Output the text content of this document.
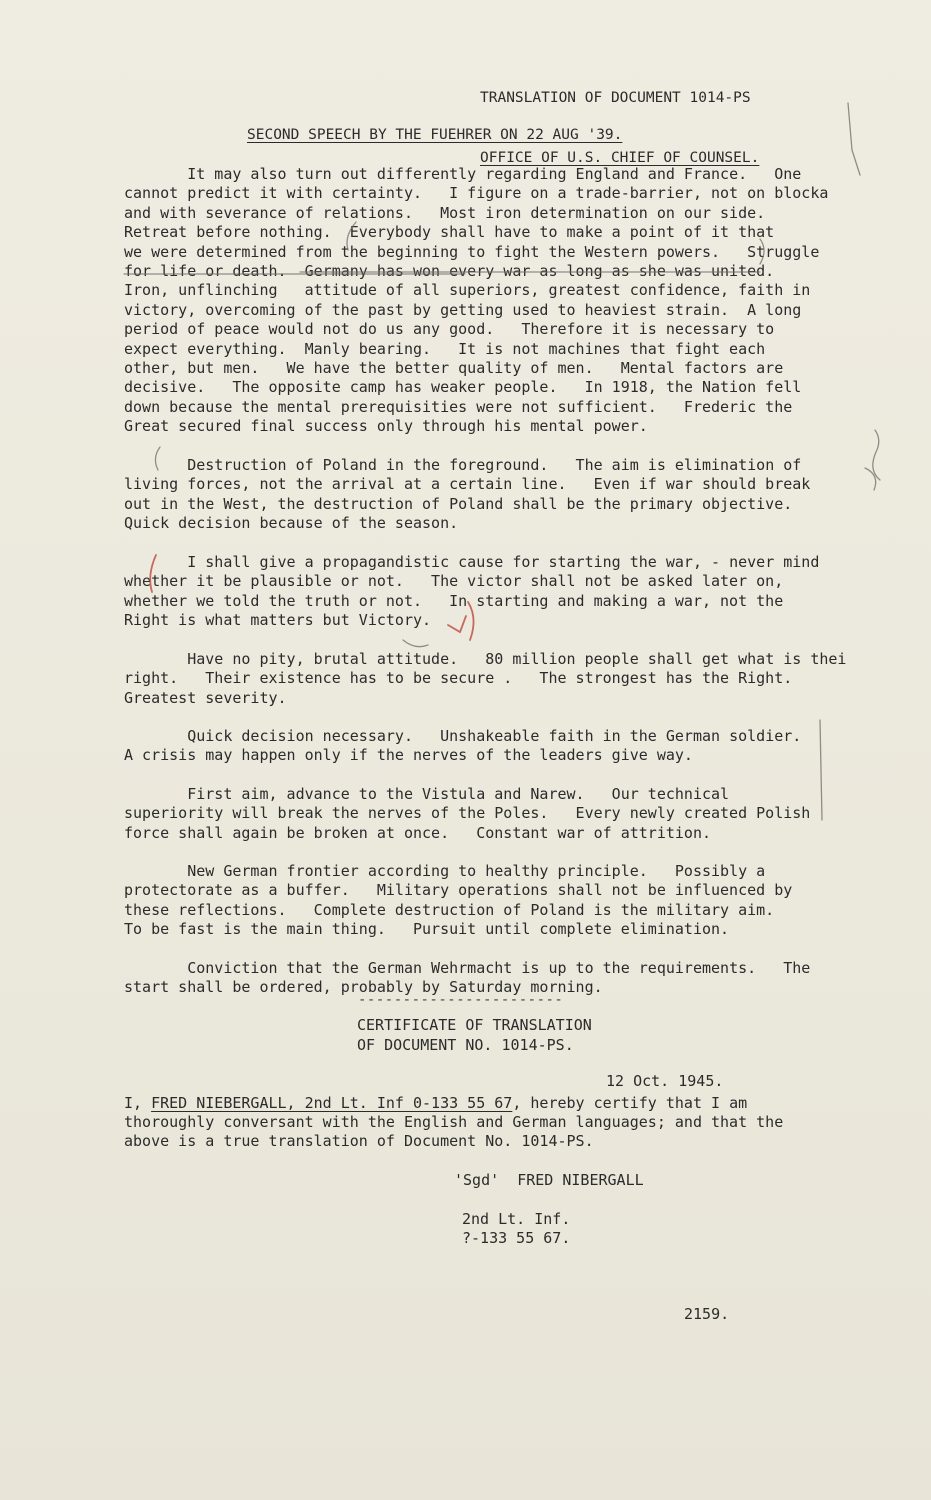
TRANSLATION OF DOCUMENT 1014-PS

OFFICE OF U.S. CHIEF OF COUNSEL.

SECOND SPEECH BY THE FUEHRER ON 22 AUG '39.
It may also turn out differently regarding England and France.   One
cannot predict it with certainty.   I figure on a trade-barrier, not on blocka
and with severance of relations.   Most iron determination on our side.
Retreat before nothing.  Everybody shall have to make a point of it that
we were determined from the beginning to fight the Western powers.   Struggle
for life or death.  Germany has won every war as long as she was united.
Iron, unflinching   attitude of all superiors, greatest confidence, faith in
victory, overcoming of the past by getting used to heaviest strain.  A long
period of peace would not do us any good.   Therefore it is necessary to
expect everything.  Manly bearing.   It is not machines that fight each
other, but men.   We have the better quality of men.   Mental factors are
decisive.   The opposite camp has weaker people.   In 1918, the Nation fell
down because the mental prerequisities were not sufficient.   Frederic the
Great secured final success only through his mental power.
Destruction of Poland in the foreground.   The aim is elimination of
living forces, not the arrival at a certain line.   Even if war should break
out in the West, the destruction of Poland shall be the primary objective.
Quick decision because of the season.
I shall give a propagandistic cause for starting the war, - never mind
whether it be plausible or not.   The victor shall not be asked later on,
whether we told the truth or not.   In starting and making a war, not the
Right is what matters but Victory.
Have no pity, brutal attitude.   80 million people shall get what is thei
right.   Their existence has to be secure .   The strongest has the Right.
Greatest severity.
Quick decision necessary.   Unshakeable faith in the German soldier.
A crisis may happen only if the nerves of the leaders give way.
First aim, advance to the Vistula and Narew.   Our technical
superiority will break the nerves of the Poles.   Every newly created Polish
force shall again be broken at once.   Constant war of attrition.
New German frontier according to healthy principle.   Possibly a
protectorate as a buffer.   Military operations shall not be influenced by
these reflections.   Complete destruction of Poland is the military aim.
To be fast is the main thing.   Pursuit until complete elimination.
Conviction that the German Wehrmacht is up to the requirements.   The
start shall be ordered, probably by Saturday morning.
-----------------------
CERTIFICATE OF TRANSLATION
OF DOCUMENT NO. 1014-PS.
12 Oct. 1945.
I, FRED NIEBERGALL, 2nd Lt. Inf 0-133 55 67, hereby certify that I am
thoroughly conversant with the English and German languages; and that the
above is a true translation of Document No. 1014-PS.
'Sgd'  FRED NIBERGALL
2nd Lt. Inf.
?-133 55 67.
2159.
